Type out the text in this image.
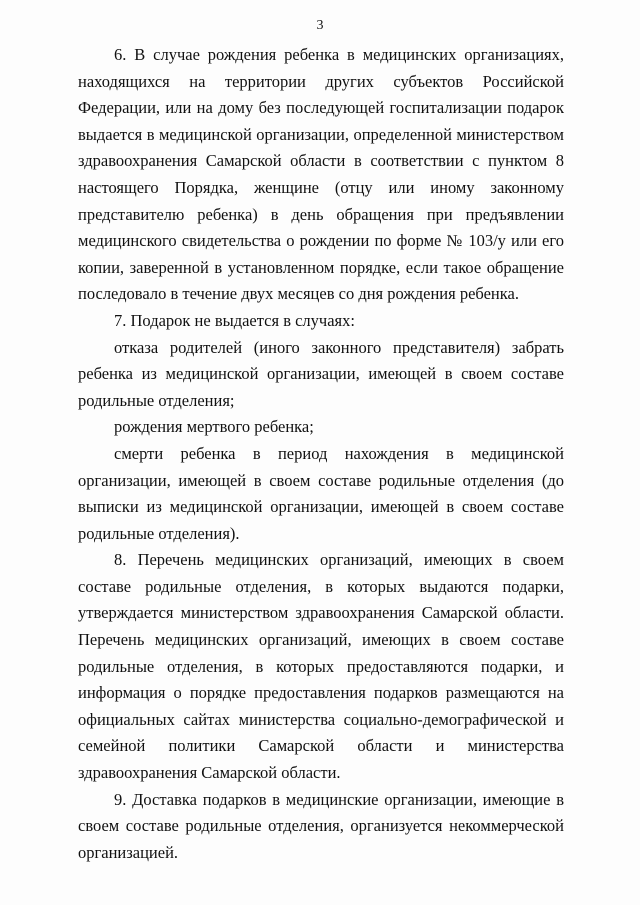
3

6. В случае рождения ребенка в медицинских организациях, находящихся на территории других субъектов Российской Федерации, или на дому без последующей госпитализации подарок выдается в медицинской организации, определенной министерством здравоохранения Самарской области в соответствии с пунктом 8 настоящего Порядка, женщине (отцу или иному законному представителю ребенка) в день обращения при предъявлении медицинского свидетельства о рождении по форме № 103/у или его копии, заверенной в установленном порядке, если такое обращение последовало в течение двух месяцев со дня рождения ребенка.

7. Подарок не выдается в случаях:

отказа родителей (иного законного представителя) забрать ребенка из медицинской организации, имеющей в своем составе родильные отделения;

рождения мертвого ребенка;

смерти ребенка в период нахождения в медицинской организации, имеющей в своем составе родильные отделения (до выписки из медицинской организации, имеющей в своем составе родильные отделения).

8. Перечень медицинских организаций, имеющих в своем составе родильные отделения, в которых выдаются подарки, утверждается министерством здравоохранения Самарской области. Перечень медицинских организаций, имеющих в своем составе родильные отделения, в которых предоставляются подарки, и информация о порядке предоставления подарков размещаются на официальных сайтах министерства социально-демографической и семейной политики Самарской области и министерства здравоохранения Самарской области.

9. Доставка подарков в медицинские организации, имеющие в своем составе родильные отделения, организуется некоммерческой организацией.
